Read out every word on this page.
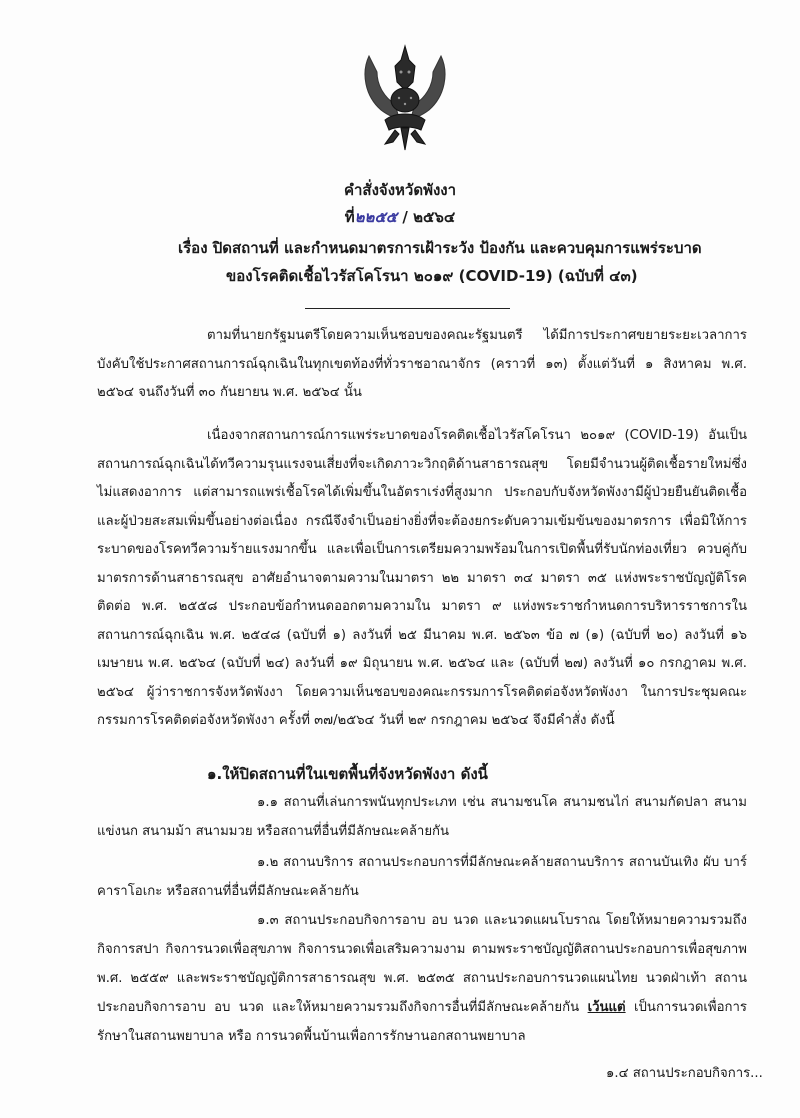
คำสั่งจังหวัดพังงา
ที่๒๒๕๕ / ๒๕๖๔
เรื่อง ปิดสถานที่ และกำหนดมาตรการเฝ้าระวัง ป้องกัน และควบคุมการแพร่ระบาด
ของโรคติดเชื้อไวรัสโคโรนา ๒๐๑๙ (COVID-19) (ฉบับที่ ๔๓)
ตามที่นายกรัฐมนตรีโดยความเห็นชอบของคณะรัฐมนตรี ได้มีการประกาศขยายระยะเวลาการบังคับใช้ประกาศสถานการณ์ฉุกเฉินในทุกเขตท้องที่ทั่วราชอาณาจักร (คราวที่ ๑๓) ตั้งแต่วันที่ ๑ สิงหาคม พ.ศ. ๒๕๖๔ จนถึงวันที่ ๓๐ กันยายน พ.ศ. ๒๕๖๔ นั้น
เนื่องจากสถานการณ์การแพร่ระบาดของโรคติดเชื้อไวรัสโคโรนา ๒๐๑๙ (COVID-19) อันเป็นสถานการณ์ฉุกเฉินได้ทวีความรุนแรงจนเสี่ยงที่จะเกิดภาวะวิกฤติด้านสาธารณสุข โดยมีจำนวนผู้ติดเชื้อรายใหม่ซึ่งไม่แสดงอาการ แต่สามารถแพร่เชื้อโรคได้เพิ่มขึ้นในอัตราเร่งที่สูงมาก ประกอบกับจังหวัดพังงามีผู้ป่วยยืนยันติดเชื้อและผู้ป่วยสะสมเพิ่มขึ้นอย่างต่อเนื่อง กรณีจึงจำเป็นอย่างยิ่งที่จะต้องยกระดับความเข้มข้นของมาตรการ เพื่อมิให้การระบาดของโรคทวีความร้ายแรงมากขึ้น และเพื่อเป็นการเตรียมความพร้อมในการเปิดพื้นที่รับนักท่องเที่ยว ควบคู่กับมาตรการด้านสาธารณสุข อาศัยอำนาจตามความในมาตรา ๒๒ มาตรา ๓๔ มาตรา ๓๕ แห่งพระราชบัญญัติโรคติดต่อ พ.ศ. ๒๕๕๘ ประกอบข้อกำหนดออกตามความใน มาตรา ๙ แห่งพระราชกำหนดการบริหารราชการในสถานการณ์ฉุกเฉิน พ.ศ. ๒๕๔๘ (ฉบับที่ ๑) ลงวันที่ ๒๕ มีนาคม พ.ศ. ๒๕๖๓ ข้อ ๗ (๑) (ฉบับที่ ๒๐) ลงวันที่ ๑๖ เมษายน พ.ศ. ๒๕๖๔ (ฉบับที่ ๒๔) ลงวันที่ ๑๙ มิถุนายน พ.ศ. ๒๕๖๔ และ (ฉบับที่ ๒๗) ลงวันที่ ๑๐ กรกฎาคม พ.ศ. ๒๕๖๔ ผู้ว่าราชการจังหวัดพังงา โดยความเห็นชอบของคณะกรรมการโรคติดต่อจังหวัดพังงา ในการประชุมคณะกรรมการโรคติดต่อจังหวัดพังงา ครั้งที่ ๓๗/๒๕๖๔ วันที่ ๒๙ กรกฎาคม ๒๕๖๔ จึงมีคำสั่ง ดังนี้
๑.ให้ปิดสถานที่ในเขตพื้นที่จังหวัดพังงา ดังนี้
๑.๑ สถานที่เล่นการพนันทุกประเภท เช่น สนามชนโค สนามชนไก่ สนามกัดปลา สนามแข่งนก สนามม้า สนามมวย หรือสถานที่อื่นที่มีลักษณะคล้ายกัน
๑.๒ สถานบริการ สถานประกอบการที่มีลักษณะคล้ายสถานบริการ สถานบันเทิง ผับ บาร์ คาราโอเกะ หรือสถานที่อื่นที่มีลักษณะคล้ายกัน
๑.๓ สถานประกอบกิจการอาบ อบ นวด และนวดแผนโบราณ โดยให้หมายความรวมถึงกิจการสปา กิจการนวดเพื่อสุขภาพ กิจการนวดเพื่อเสริมความงาม ตามพระราชบัญญัติสถานประกอบการเพื่อสุขภาพ พ.ศ. ๒๕๕๙ และพระราชบัญญัติการสาธารณสุข พ.ศ. ๒๕๓๕ สถานประกอบการนวดแผนไทย นวดฝ่าเท้า สถานประกอบกิจการอาบ อบ นวด และให้หมายความรวมถึงกิจการอื่นที่มีลักษณะคล้ายกัน เว้นแต่ เป็นการนวดเพื่อการรักษาในสถานพยาบาล หรือ การนวดพื้นบ้านเพื่อการรักษานอกสถานพยาบาล
๑.๔ สถานประกอบกิจการ...
